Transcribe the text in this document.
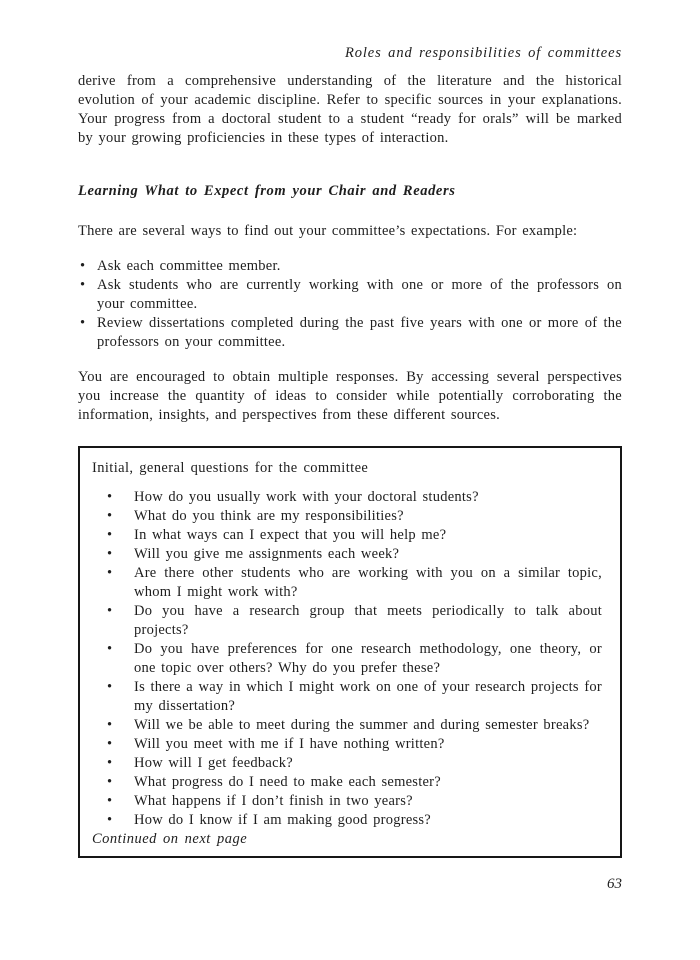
Roles and responsibilities of committees

derive from a comprehensive understanding of the literature and the historical evolution of your academic discipline. Refer to specific sources in your explanations. Your progress from a doctoral student to a student “ready for orals” will be marked by your growing proficiencies in these types of interaction.

Learning What to Expect from your Chair and Readers

There are several ways to find out your committee’s expectations. For example:

• Ask each committee member.
• Ask students who are currently working with one or more of the professors on your committee.
• Review dissertations completed during the past five years with one or more of the professors on your committee.

You are encouraged to obtain multiple responses. By accessing several perspectives you increase the quantity of ideas to consider while potentially corroborating the information, insights, and perspectives from these different sources.

Initial, general questions for the committee

• How do you usually work with your doctoral students?
• What do you think are my responsibilities?
• In what ways can I expect that you will help me?
• Will you give me assignments each week?
• Are there other students who are working with you on a similar topic, whom I might work with?
• Do you have a research group that meets periodically to talk about projects?
• Do you have preferences for one research methodology, one theory, or one topic over others? Why do you prefer these?
• Is there a way in which I might work on one of your research projects for my dissertation?
• Will we be able to meet during the summer and during semester breaks?
• Will you meet with me if I have nothing written?
• How will I get feedback?
• What progress do I need to make each semester?
• What happens if I don’t finish in two years?
• How do I know if I am making good progress?

Continued on next page

63
